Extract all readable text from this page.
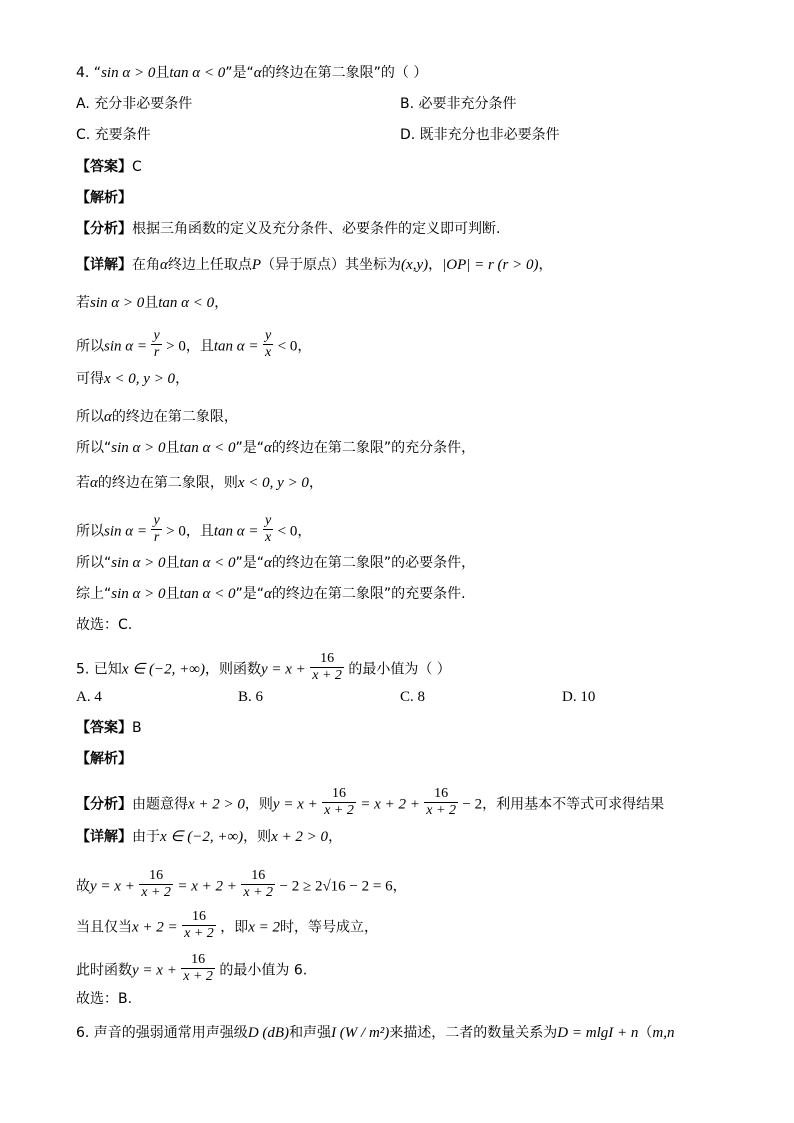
4. “sin α > 0且tan α < 0”是“α的终边在第二象限”的（ ）
A. 充分非必要条件	B. 必要非充分条件
C. 充要条件	D. 既非充分也非必要条件
【答案】C
【解析】
【分析】根据三角函数的定义及充分条件、必要条件的定义即可判断.
【详解】在角α终边上任取点P（异于原点）其坐标为(x,y)，|OP| = r (r > 0)，
若sin α > 0且tan α < 0，
所以$\sin \alpha = \frac{y}{r} > 0$，且$\tan \alpha = \frac{y}{x} < 0$，
可得x < 0, y > 0，
所以α的终边在第二象限，
所以“sin α > 0且tan α < 0”是“α的终边在第二象限”的充分条件，
若α的终边在第二象限，则x < 0, y > 0，
所以$\sin \alpha = \frac{y}{r} > 0$，且$\tan \alpha = \frac{y}{x} < 0$，
所以“sin α > 0且tan α < 0”是“α的终边在第二象限”的必要条件，
综上“sin α > 0且tan α < 0”是“α的终边在第二象限”的充要条件.
故选：C.
5. 已知x ∈ (−2, +∞)，则函数$y = x + \frac{16}{x + 2}$ 的最小值为（ ）
A. 4	B. 6	C. 8	D. 10
【答案】B
【解析】
【分析】由题意得x + 2 > 0，则$y = x + \frac{16}{x + 2} = x + 2 + \frac{16}{x + 2} - 2$，利用基本不等式可求得结果
【详解】由于x ∈ (−2, +∞)，则x + 2 > 0，
故$y = x + \frac{16}{x + 2} = x + 2 + \frac{16}{x + 2} - 2 \ge 2√16 - 2 = 6$，
当且仅当$x + 2 = \frac{16}{x + 2}$ ，即x = 2时，等号成立，
此时函数$y = x + \frac{16}{x + 2}$ 的最小值为 6.
故选：B.
6. 声音的强弱通常用声强级D (dB)和声强I (W / m²)来描述，二者的数量关系为D = mlgI + n（m,n
